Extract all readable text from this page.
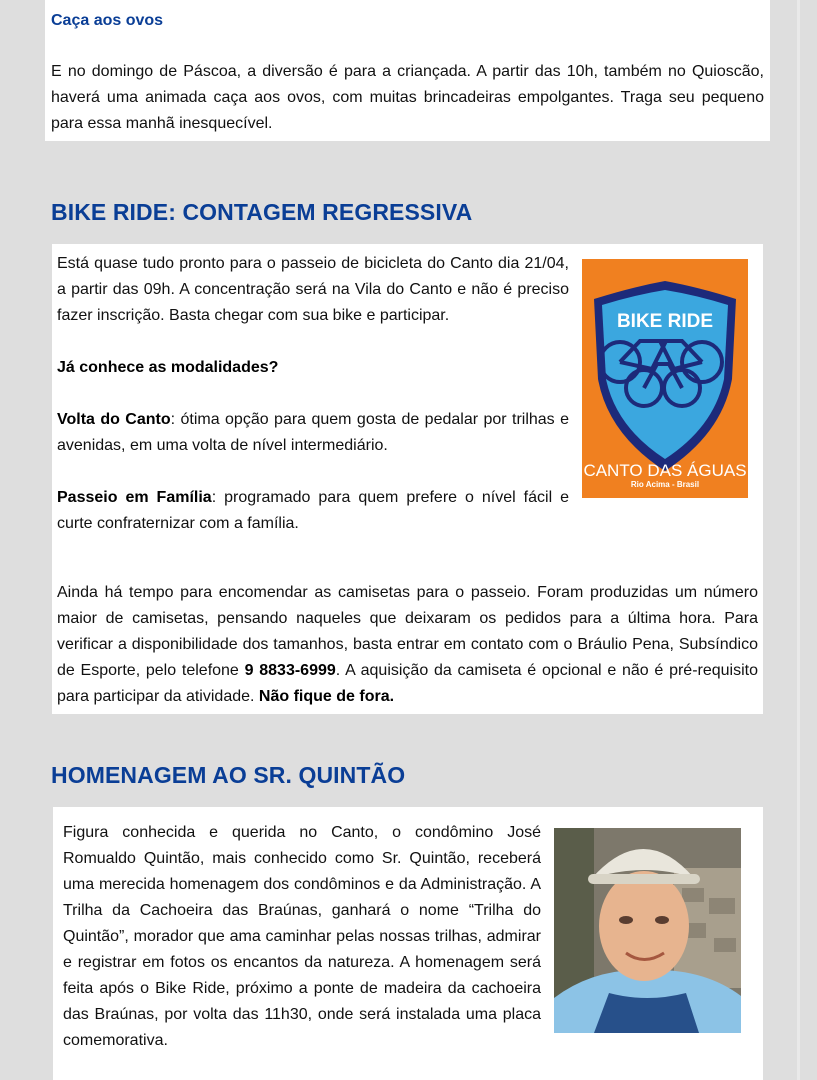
Caça aos ovos

E no domingo de Páscoa, a diversão é para a criançada. A partir das 10h, também no Quioscão, haverá uma animada caça aos ovos, com muitas brincadeiras empolgantes. Traga seu pequeno para essa manhã inesquecível.

BIKE RIDE: CONTAGEM REGRESSIVA
BIKE RIDE
Rio Acima - Brasil
CANTO DAS ÁGUAS

Está quase tudo pronto para o passeio de bicicleta do Canto dia 21/04, a partir das 09h. A concentração será na Vila do Canto e não é preciso fazer inscrição. Basta chegar com sua bike e participar.

Já conhece as modalidades?

Volta do Canto: ótima opção para quem gosta de pedalar por trilhas e avenidas, em uma volta de nível intermediário.

Passeio em Família: programado para quem prefere o nível fácil e curte confraternizar com a família.

Ainda há tempo para encomendar as camisetas para o passeio. Foram produzidas um número maior de camisetas, pensando naqueles que deixaram os pedidos para a última hora. Para verificar a disponibilidade dos tamanhos, basta entrar em contato com o Bráulio Pena, Subsíndico de Esporte, pelo telefone 9 8833-6999. A aquisição da camiseta é opcional e não é pré-requisito para participar da atividade. Não fique de fora.

HOMENAGEM AO SR. QUINTÃO

Figura conhecida e querida no Canto, o condômino José Romualdo Quintão, mais conhecido como Sr. Quintão, receberá uma merecida homenagem dos condôminos e da Administração. A Trilha da Cachoeira das Braúnas, ganhará o nome “Trilha do Quintão”, morador que ama caminhar pelas nossas trilhas, admirar e registrar em fotos os encantos da natureza. A homenagem será feita após o Bike Ride, próximo a ponte de madeira da cachoeira das Braúnas, por volta das 11h30, onde será instalada uma placa comemorativa.
